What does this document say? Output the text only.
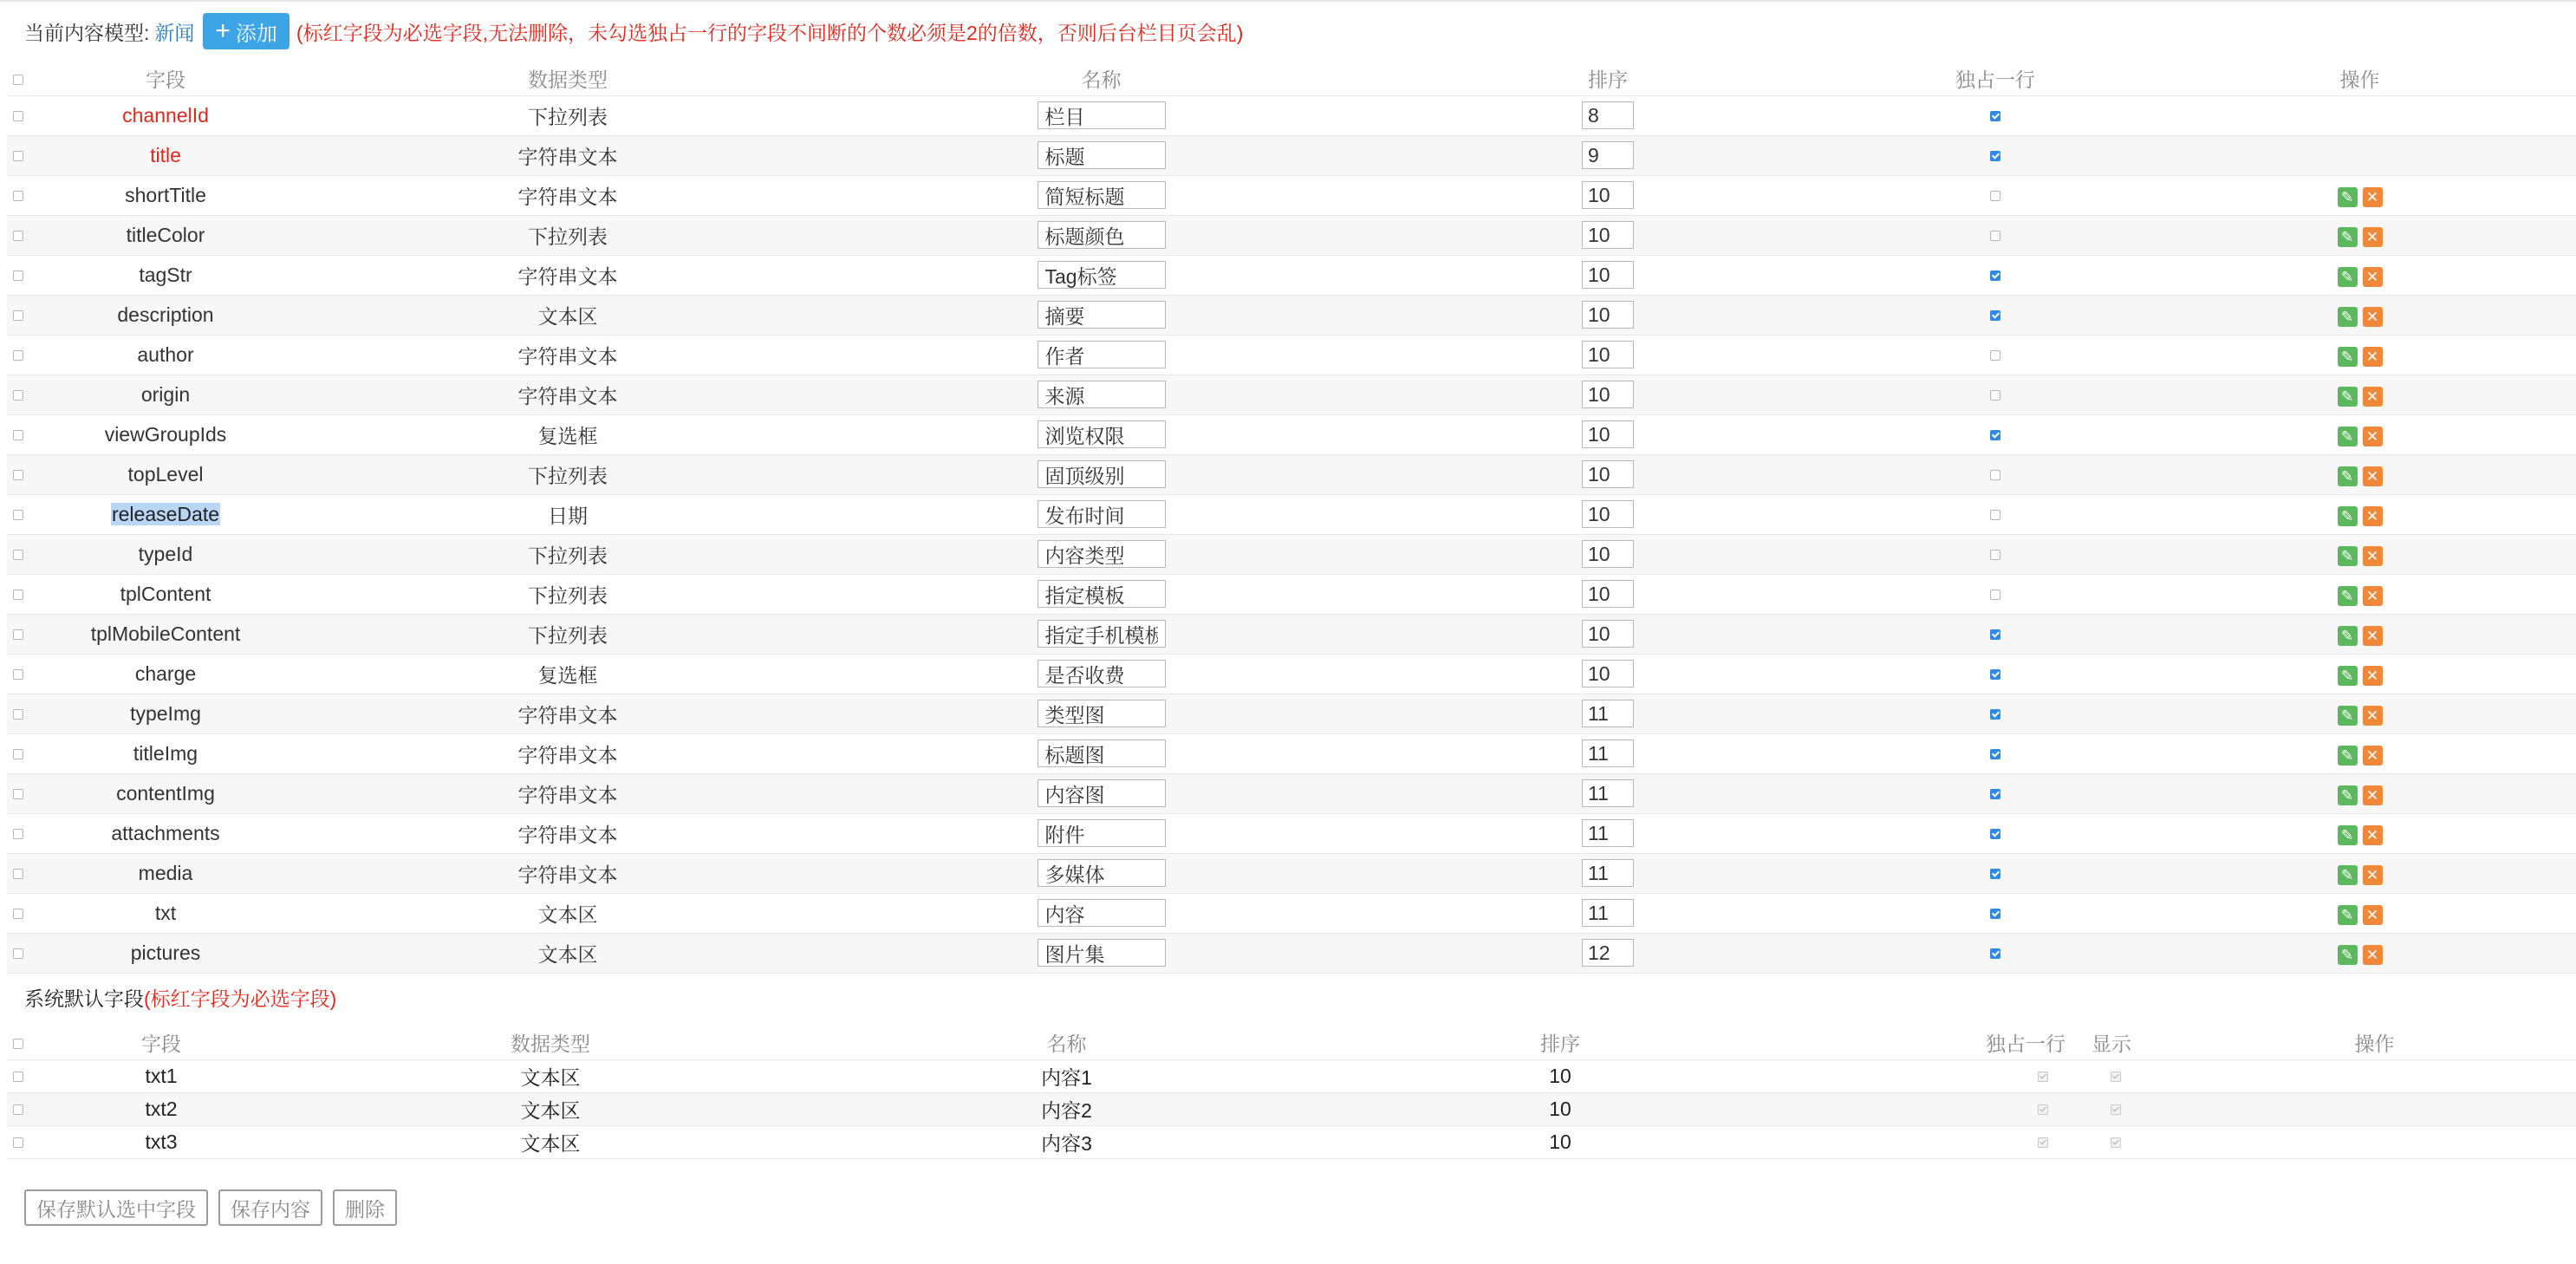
当前内容模型: 新闻 + 添加 (标红字段为必选字段,无法删除，未勾选独占一行的字段不间断的个数必须是2的倍数，否则后台栏目页会乱)
	字段	数据类型	名称	排序	独占一行	操作
	channelId	下拉列表	栏目	8		
	title	字符串文本	标题	9		
	shortTitle	字符串文本	简短标题	10		✎ ✕

	titleColor	下拉列表	标题颜色	10		✎ ✕

	tagStr	字符串文本	Tag标签	10		✎ ✕

	description	文本区	摘要	10		✎ ✕

	author	字符串文本	作者	10		✎ ✕

	origin	字符串文本	来源	10		✎ ✕

	viewGroupIds	复选框	浏览权限	10		✎ ✕

	topLevel	下拉列表	固顶级别	10		✎ ✕

	releaseDate	日期	发布时间	10		✎ ✕

	typeId	下拉列表	内容类型	10		✎ ✕

	tplContent	下拉列表	指定模板	10		✎ ✕

	tplMobileContent	下拉列表	指定手机模板	10		✎ ✕

	charge	复选框	是否收费	10		✎ ✕

	typeImg	字符串文本	类型图	11		✎ ✕

	titleImg	字符串文本	标题图	11		✎ ✕

	contentImg	字符串文本	内容图	11		✎ ✕

	attachments	字符串文本	附件	11		✎ ✕

	media	字符串文本	多媒体	11		✎ ✕

	txt	文本区	内容	11		✎ ✕

	pictures	文本区	图片集	12		✎ ✕
系统默认字段(标红字段为必选字段)
	字段	数据类型	名称	排序	独占一行	显示	操作
	txt1	文本区	内容1	10			
	txt2	文本区	内容2	10			
	txt3	文本区	内容3	10			
保存默认选中字段	保存内容	删除
